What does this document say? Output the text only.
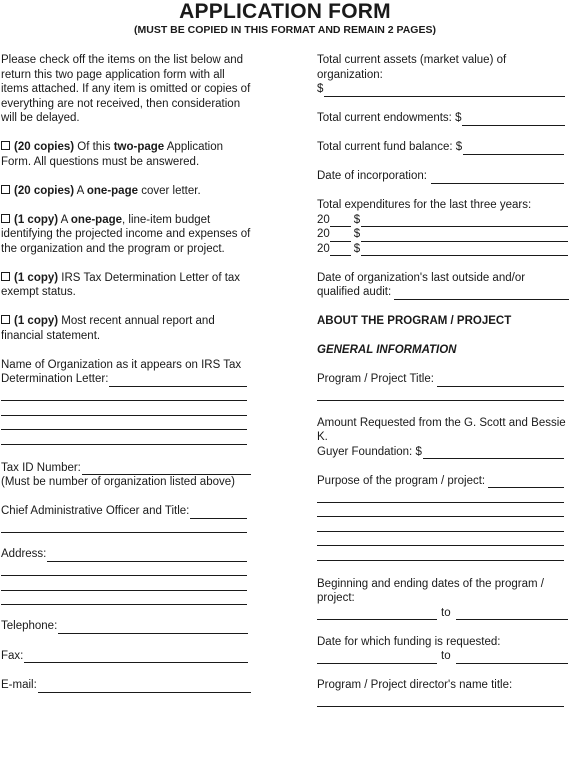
APPLICATION FORM
(MUST BE COPIED IN THIS FORMAT AND REMAIN 2 PAGES)

Please check off the items on the list below and return this two page application form with all items attached. If any item is omitted or copies of everything are not received, then consideration will be delayed.

(20 copies) Of this two-page Application Form. All questions must be answered.

(20 copies) A one-page cover letter.

(1 copy) A one-page, line-item budget identifying the projected income and expenses of the organization and the program or project.

(1 copy) IRS Tax Determination Letter of tax exempt status.

(1 copy) Most recent annual report and financial statement.

Name of Organization as it appears on IRS Tax

Determination Letter:
Tax ID Number:

(Must be number of organization listed above)

Chief Administrative Officer and Title:
Address:
Telephone:
Fax:
E-mail:

Total current assets (market value) of organization:

$
Total current endowments: $
Total current fund balance: $
Date of incorporation:

Total expenditures for the last three years:

20 $
20 $
20 $

Date of organization's last outside and/or

qualified audit:

ABOUT THE PROGRAM / PROJECT

GENERAL INFORMATION

Program / Project Title:

Amount Requested from the G. Scott and Bessie K.

Guyer Foundation: $
Purpose of the program / project:

Beginning and ending dates of the program / project:

to

Date for which funding is requested:

to

Program / Project director's name title:
